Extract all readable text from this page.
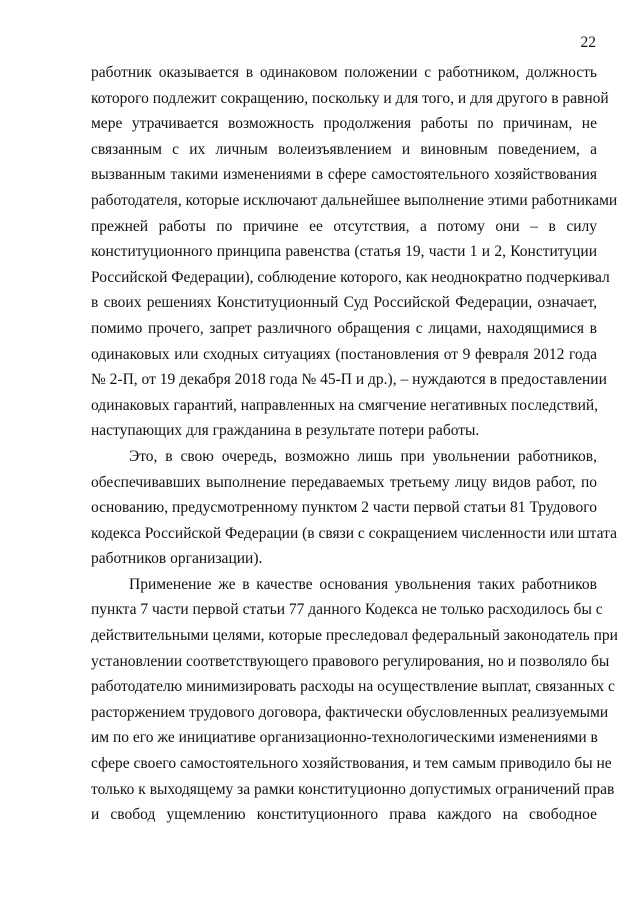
22
работник оказывается в одинаковом положении с работником, должность
которого подлежит сокращению, поскольку и для того, и для другого в равной
мере утрачивается возможность продолжения работы по причинам, не
связанным с их личным волеизъявлением и виновным поведением, а
вызванным такими изменениями в сфере самостоятельного хозяйствования
работодателя, которые исключают дальнейшее выполнение этими работниками
прежней работы по причине ее отсутствия, а потому они – в силу
конституционного принципа равенства (статья 19, части 1 и 2, Конституции
Российской Федерации), соблюдение которого, как неоднократно подчеркивал
в своих решениях Конституционный Суд Российской Федерации, означает,
помимо прочего, запрет различного обращения с лицами, находящимися в
одинаковых или сходных ситуациях (постановления от 9 февраля 2012 года
№ 2-П, от 19 декабря 2018 года № 45-П и др.), – нуждаются в предоставлении
одинаковых гарантий, направленных на смягчение негативных последствий,
наступающих для гражданина в результате потери работы.
Это, в свою очередь, возможно лишь при увольнении работников,
обеспечивавших выполнение передаваемых третьему лицу видов работ, по
основанию, предусмотренному пунктом 2 части первой статьи 81 Трудового
кодекса Российской Федерации (в связи с сокращением численности или штата
работников организации).
Применение же в качестве основания увольнения таких работников
пункта 7 части первой статьи 77 данного Кодекса не только расходилось бы с
действительными целями, которые преследовал федеральный законодатель при
установлении соответствующего правового регулирования, но и позволяло бы
работодателю минимизировать расходы на осуществление выплат, связанных с
расторжением трудового договора, фактически обусловленных реализуемыми
им по его же инициативе организационно-технологическими изменениями в
сфере своего самостоятельного хозяйствования, и тем самым приводило бы не
только к выходящему за рамки конституционно допустимых ограничений прав
и свобод ущемлению конституционного права каждого на свободное
